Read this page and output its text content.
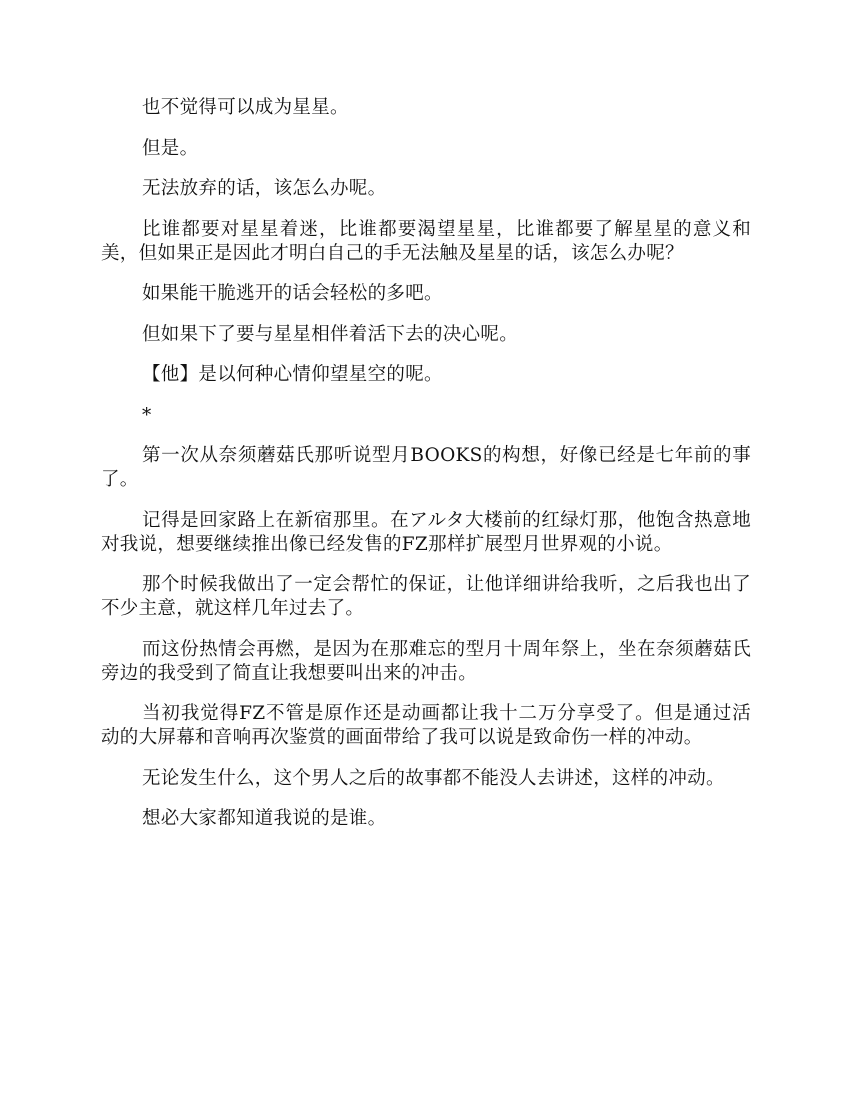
也不觉得可以成为星星。

但是。

无法放弃的话，该怎么办呢。

比谁都要对星星着迷，比谁都要渴望星星，比谁都要了解星星的意义和美，但如果正是因此才明白自己的手无法触及星星的话，该怎么办呢？

如果能干脆逃开的话会轻松的多吧。

但如果下了要与星星相伴着活下去的决心呢。

【他】是以何种心情仰望星空的呢。

*

第一次从奈须蘑菇氏那听说型月BOOKS的构想，好像已经是七年前的事了。

记得是回家路上在新宿那里。在アルタ大楼前的红绿灯那，他饱含热意地对我说，想要继续推出像已经发售的FZ那样扩展型月世界观的小说。

那个时候我做出了一定会帮忙的保证，让他详细讲给我听，之后我也出了不少主意，就这样几年过去了。

而这份热情会再燃，是因为在那难忘的型月十周年祭上，坐在奈须蘑菇氏旁边的我受到了简直让我想要叫出来的冲击。

当初我觉得FZ不管是原作还是动画都让我十二万分享受了。但是通过活动的大屏幕和音响再次鉴赏的画面带给了我可以说是致命伤一样的冲动。

无论发生什么，这个男人之后的故事都不能没人去讲述，这样的冲动。

想必大家都知道我说的是谁。
